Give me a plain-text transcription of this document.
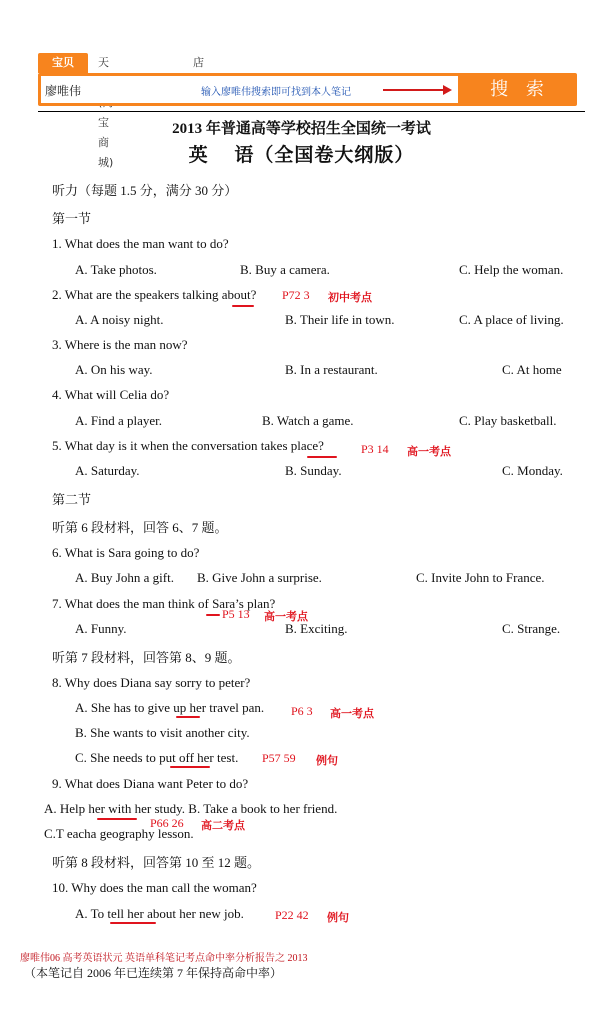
宝贝	天 宝商城)
店
廖唯伟	输入廖唯伟搜索即可找到本人笔记	搜 索
2013 年普通高等学校招生全国统一考试
英　 语（全国卷大纲版）
听力（每题 1.5 分，满分 30 分）
第一节
1. What does the man want to do?
A. Take photos.	B. Buy a camera.	C. Help the woman.
2. What are the speakers talking about? P72 3 初中考点
A. A noisy night.	B. Their life in town.	C. A place of living.
3. Where is the man now?
A. On his way.	B. In a restaurant.	C. At home
4. What will Celia do?
A. Find a player.	B. Watch a game.	C. Play basketball.
5. What day is it when the conversation takes place?	P3 14 高一考点
A. Saturday.	B. Sunday.	C. Monday.
第二节
听第 6 段材料，回答 6、7 题。
6. What is Sara going to do?
A. Buy John a gift. B. Give John a surprise.	C. Invite John to France.
7. What does the man think of Sara’s plan?
P5 13 高一考点
A. Funny.	B. Exciting.	C. Strange.
听第 7 段材料，回答第 8、9 题。
8. Why does Diana say sorry to peter?
A. She has to give up her travel pan. P6 3 高一考点
B. She wants to visit another city.
C. She needs to put off her test. P57 59 例句
9. What does Diana want Peter to do?
A. Help her with her study. B. Take a book to her friend.
P66 26 高二考点
C.T eacha geography lesson.
听第 8 段材料，回答第 10 至 12 题。
10. Why does the man call the woman?
A. To tell her about her new job.	P22 42 例句
廖唯伟06 高考英语状元 英语单科笔记考点命中率分析报告之 2013
（本笔记自 2006 年已连续第 7 年保持高命中率）
